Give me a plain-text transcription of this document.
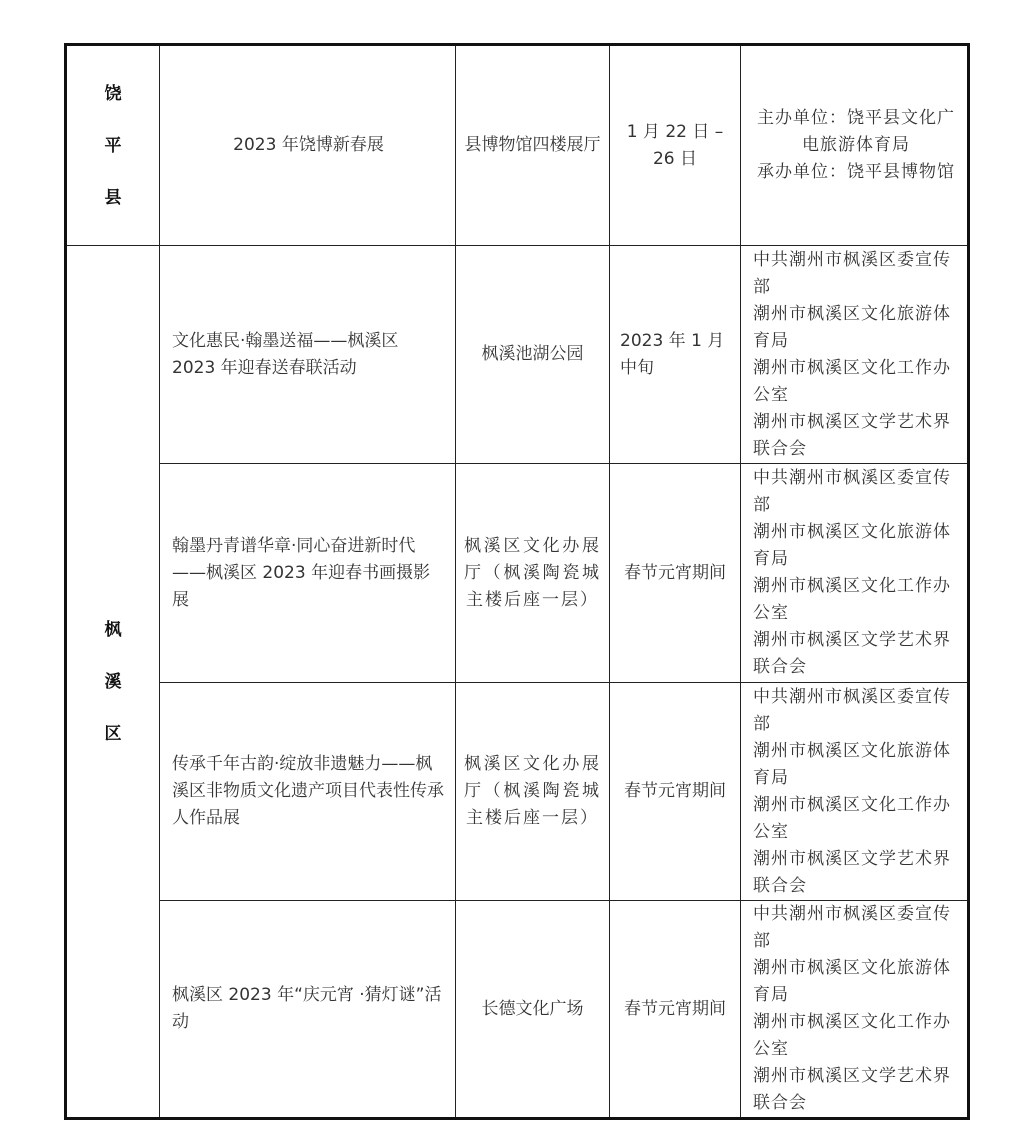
饶平县	2023 年饶博新春展	县博物馆四楼展厅	1 月 22 日 –26 日	主办单位：饶平县文化广电旅游体育局
承办单位：饶平县博物馆

枫溪区	文化惠民·翰墨送福——枫溪区 2023 年迎春送春联活动	枫溪池湖公园	2023 年 1 月中旬	中共潮州市枫溪区委宣传部
潮州市枫溪区文化旅游体育局
潮州市枫溪区文化工作办公室
潮州市枫溪区文学艺术界联合会

	翰墨丹青谱华章·同心奋进新时代——枫溪区 2023 年迎春书画摄影展	枫溪区文化办展厅（枫溪陶瓷城主楼后座一层）	春节元宵期间	中共潮州市枫溪区委宣传部
潮州市枫溪区文化旅游体育局
潮州市枫溪区文化工作办公室
潮州市枫溪区文学艺术界联合会

	传承千年古韵·绽放非遗魅力——枫溪区非物质文化遗产项目代表性传承人作品展	枫溪区文化办展厅（枫溪陶瓷城主楼后座一层）	春节元宵期间	中共潮州市枫溪区委宣传部
潮州市枫溪区文化旅游体育局
潮州市枫溪区文化工作办公室
潮州市枫溪区文学艺术界联合会

	枫溪区 2023 年“庆元宵 ·猜灯谜”活动	长德文化广场	春节元宵期间	中共潮州市枫溪区委宣传部
潮州市枫溪区文化旅游体育局
潮州市枫溪区文化工作办公室
潮州市枫溪区文学艺术界联合会
